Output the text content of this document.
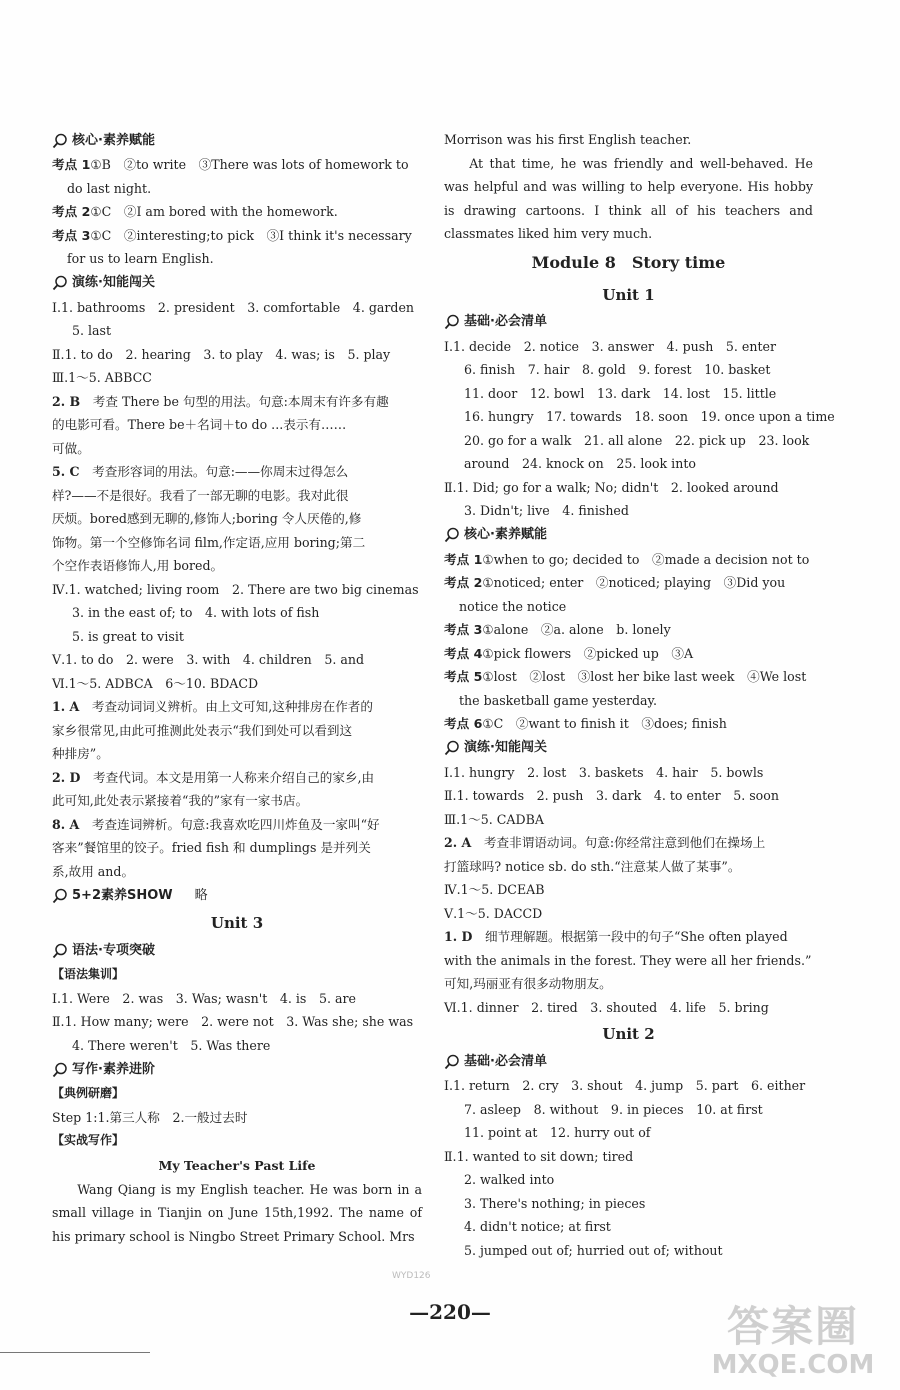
核心·素养赋能
考点 1①B　②to write　③There was lots of homework to
do last night.
考点 2①C　②I am bored with the homework.
考点 3①C　②interesting;to pick　③I think it's necessary
for us to learn English.
演练·知能闯关
Ⅰ.1. bathrooms　2. president　3. comfortable　4. garden
5. last
Ⅱ.1. to do　2. hearing　3. to play　4. was; is　5. play
Ⅲ.1～5. ABBCC
2. B　考查 There be 句型的用法。句意:本周末有许多有趣
的电影可看。There be＋名词＋to do ...表示有……
可做。
5. C　考查形容词的用法。句意:——你周末过得怎么
样?——不是很好。我看了一部无聊的电影。我对此很
厌烦。bored感到无聊的,修饰人;boring 令人厌倦的,修
饰物。第一个空修饰名词 film,作定语,应用 boring;第二
个空作表语修饰人,用 bored。
Ⅳ.1. watched; living room　2. There are two big cinemas
3. in the east of; to　4. with lots of fish
5. is great to visit
Ⅴ.1. to do　2. were　3. with　4. children　5. and
Ⅵ.1～5. ADBCA　6～10. BDACD
1. A　考查动词词义辨析。由上文可知,这种排房在作者的
家乡很常见,由此可推测此处表示“我们到处可以看到这
种排房”。
2. D　考查代词。本文是用第一人称来介绍自己的家乡,由
此可知,此处表示紧接着“我的”家有一家书店。
8. A　考查连词辨析。句意:我喜欢吃四川炸鱼及一家叫“好
客来”餐馆里的饺子。fried fish 和 dumplings 是并列关
系,故用 and。
5+2素养SHOW 略
Unit 3
语法·专项突破
【语法集训】
Ⅰ.1. Were　2. was　3. Was; wasn't　4. is　5. are
Ⅱ.1. How many; were　2. were not　3. Was she; she was
4. There weren't　5. Was there
写作·素养进阶
【典例研磨】
Step 1:1.第三人称　2.一般过去时
【实战写作】
My Teacher's Past Life
Wang Qiang is my English teacher. He was born in a small village in Tianjin on June 15th,1992. The name of his primary school is Ningbo Street Primary School. Mrs
Morrison was his first English teacher.
At that time, he was friendly and well-behaved. He was helpful and was willing to help everyone. His hobby is drawing cartoons. I think all of his teachers and classmates liked him very much.
Module 8　Story time
Unit 1
基础·必会清单
Ⅰ.1. decide　2. notice　3. answer　4. push　5. enter
6. finish　7. hair　8. gold　9. forest　10. basket
11. door　12. bowl　13. dark　14. lost　15. little
16. hungry　17. towards　18. soon　19. once upon a time
20. go for a walk　21. all alone　22. pick up　23. look
around　24. knock on　25. look into
Ⅱ.1. Did; go for a walk; No; didn't　2. looked around
3. Didn't; live　4. finished
核心·素养赋能
考点 1①when to go; decided to　②made a decision not to
考点 2①noticed; enter　②noticed; playing　③Did you
notice the notice
考点 3①alone　②a. alone　b. lonely
考点 4①pick flowers　②picked up　③A
考点 5①lost　②lost　③lost her bike last week　④We lost
the basketball game yesterday.
考点 6①C　②want to finish it　③does; finish
演练·知能闯关
Ⅰ.1. hungry　2. lost　3. baskets　4. hair　5. bowls
Ⅱ.1. towards　2. push　3. dark　4. to enter　5. soon
Ⅲ.1～5. CADBA
2. A　考查非谓语动词。句意:你经常注意到他们在操场上
打篮球吗? notice sb. do sth.“注意某人做了某事”。
Ⅳ.1～5. DCEAB
Ⅴ.1～5. DACCD
1. D　细节理解题。根据第一段中的句子“She often played
with the animals in the forest. They were all her friends.”
可知,玛丽亚有很多动物朋友。
Ⅵ.1. dinner　2. tired　3. shouted　4. life　5. bring
Unit 2
基础·必会清单
Ⅰ.1. return　2. cry　3. shout　4. jump　5. part　6. either
7. asleep　8. without　9. in pieces　10. at first
11. point at　12. hurry out of
Ⅱ.1. wanted to sit down; tired
2. walked into
3. There's nothing; in pieces
4. didn't notice; at first
5. jumped out of; hurried out of; without
WYD126
—220—	答案圈
MXQE.COM
